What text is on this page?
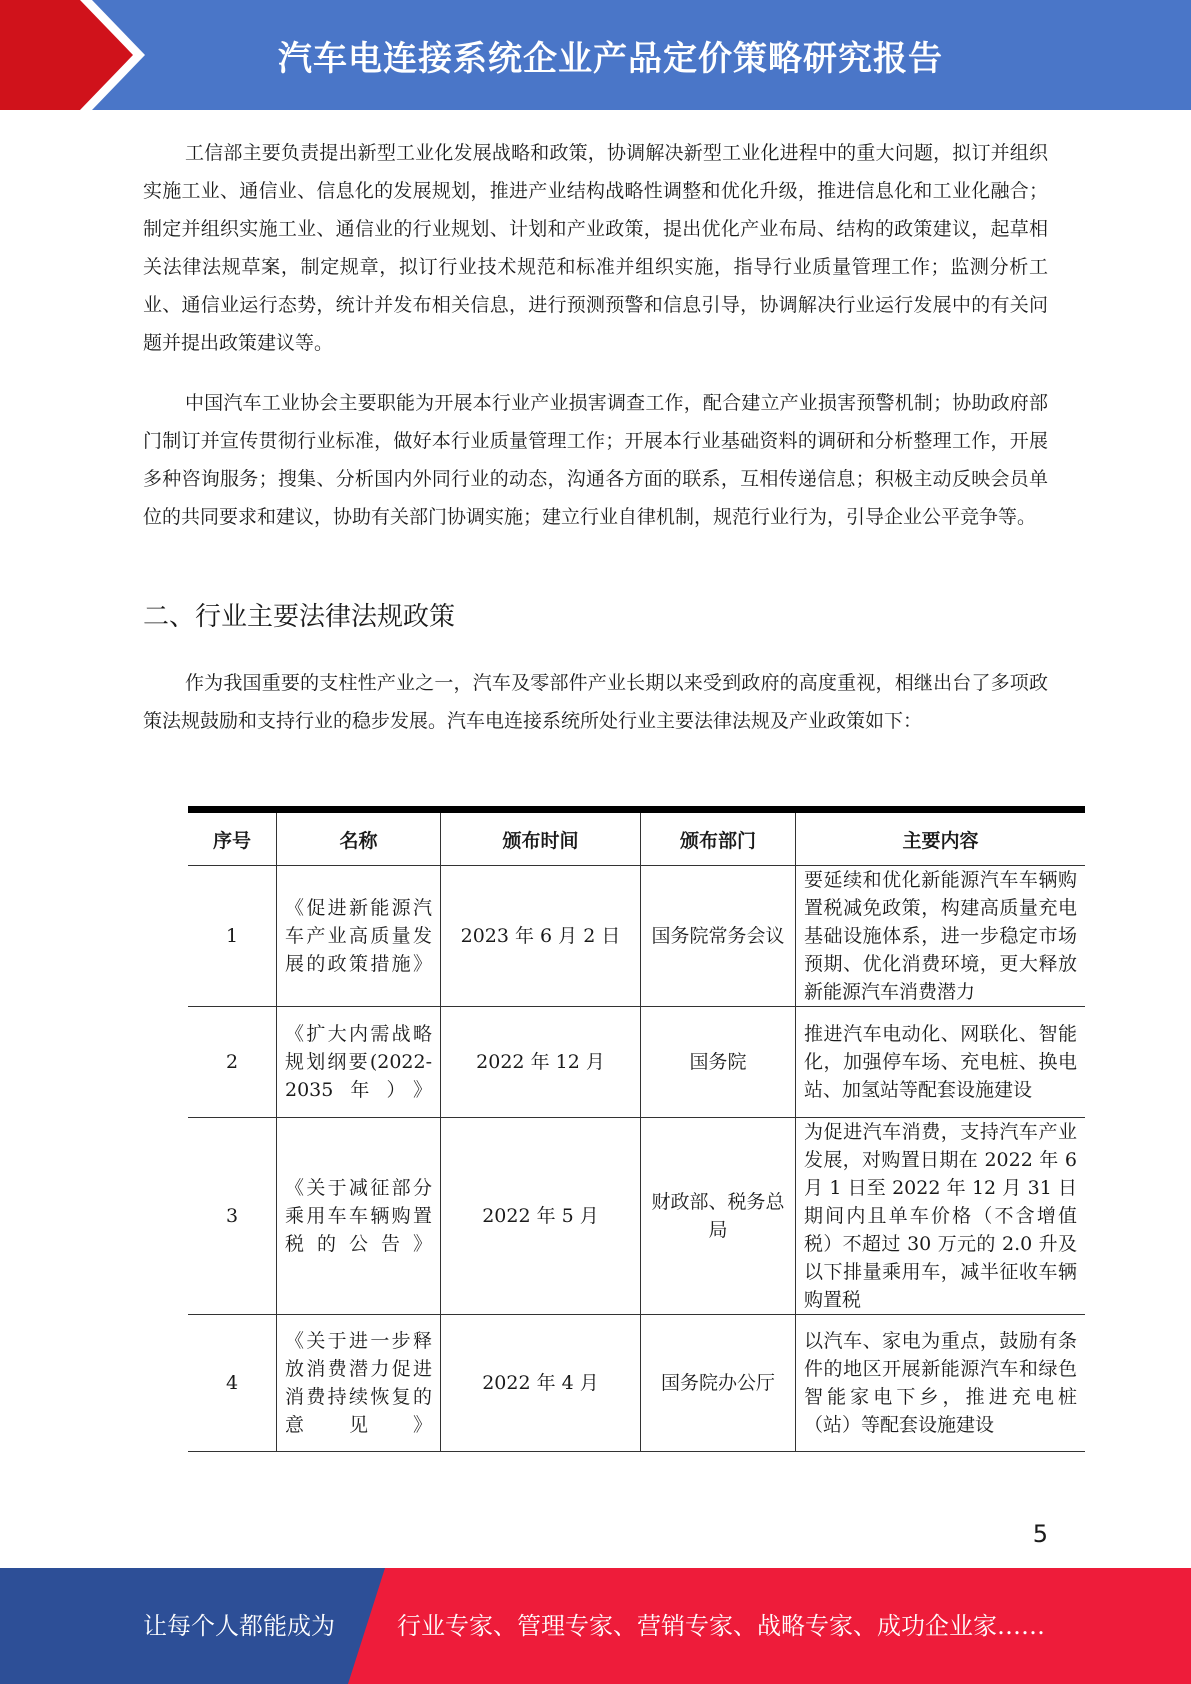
汽车电连接系统企业产品定价策略研究报告

工信部主要负责提出新型工业化发展战略和政策，协调解决新型工业化进程中的重大问题，拟订并组织实施工业、通信业、信息化的发展规划，推进产业结构战略性调整和优化升级，推进信息化和工业化融合；制定并组织实施工业、通信业的行业规划、计划和产业政策，提出优化产业布局、结构的政策建议，起草相关法律法规草案，制定规章，拟订行业技术规范和标准并组织实施，指导行业质量管理工作；监测分析工业、通信业运行态势，统计并发布相关信息，进行预测预警和信息引导，协调解决行业运行发展中的有关问题并提出政策建议等。

中国汽车工业协会主要职能为开展本行业产业损害调查工作，配合建立产业损害预警机制；协助政府部门制订并宣传贯彻行业标准，做好本行业质量管理工作；开展本行业基础资料的调研和分析整理工作，开展多种咨询服务；搜集、分析国内外同行业的动态，沟通各方面的联系，互相传递信息；积极主动反映会员单位的共同要求和建议，协助有关部门协调实施；建立行业自律机制，规范行业行为，引导企业公平竞争等。

二、行业主要法律法规政策

作为我国重要的支柱性产业之一，汽车及零部件产业长期以来受到政府的高度重视，相继出台了多项政策法规鼓励和支持行业的稳步发展。汽车电连接系统所处行业主要法律法规及产业政策如下：

序号	名称	颁布时间	颁布部门	主要内容
1	《促进新能源汽车产业高质量发展的政策措施》	2023 年 6 月 2 日	国务院常务会议	要延续和优化新能源汽车车辆购置税减免政策，构建高质量充电基础设施体系，进一步稳定市场预期、优化消费环境，更大释放新能源汽车消费潜力
2	《扩大内需战略规划纲要(2022-2035年）》	2022 年 12 月	国务院	推进汽车电动化、网联化、智能化，加强停车场、充电桩、换电站、加氢站等配套设施建设
3	《关于减征部分乘用车车辆购置税的公告》	2022 年 5 月	财政部、税务总局	为促进汽车消费，支持汽车产业发展，对购置日期在 2022 年 6 月 1 日至 2022 年 12 月 31 日期间内且单车价格（不含增值税）不超过 30 万元的 2.0 升及以下排量乘用车，减半征收车辆购置税
4	《关于进一步释放消费潜力促进消费持续恢复的意见》	2022 年 4 月	国务院办公厅	以汽车、家电为重点，鼓励有条件的地区开展新能源汽车和绿色智能家电下乡，推进充电桩（站）等配套设施建设
5
让每个人都能成为	行业专家、管理专家、营销专家、战略专家、成功企业家……
